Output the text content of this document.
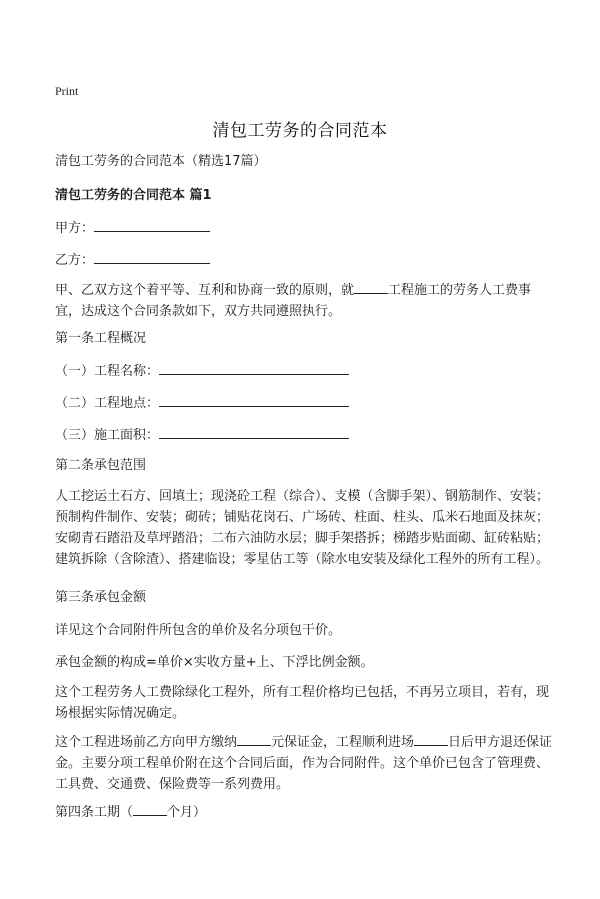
Print
清包工劳务的合同范本
清包工劳务的合同范本（精选17篇）
清包工劳务的合同范本 篇1
甲方：
乙方：

甲、乙双方这个着平等、互利和协商一致的原则，就	工程施工的劳务人工费事宜，达成这个合同条款如下，双方共同遵照执行。

第一条工程概况
（一）工程名称：
（二）工程地点：
（三）施工面积：
第二条承包范围

人工挖运土石方、回填土；现浇砼工程（综合）、支模（含脚手架）、钢筋制作、安装；预制构件制作、安装；砌砖；铺贴花岗石、广场砖、柱面、柱头、瓜米石地面及抹灰；安砌青石踏沿及草坪踏沿；二布六油防水层；脚手架搭拆；梯踏步贴面砌、缸砖粘贴；建筑拆除（含除渣）、搭建临设；零星估工等（除水电安装及绿化工程外的所有工程）。

第三条承包金额

详见这个合同附件所包含的单价及名分项包干价。

承包金额的构成=单价×实收方量+上、下浮比例金额。

这个工程劳务人工费除绿化工程外，所有工程价格均已包括，不再另立项目，若有，现场根据实际情况确定。

这个工程进场前乙方向甲方缴纳	元保证金，工程顺利进场	日后甲方退还保证金。主要分项工程单价附在这个合同后面，作为合同附件。这个单价已包含了管理费、工具费、交通费、保险费等一系列费用。

第四条工期（	个月）
